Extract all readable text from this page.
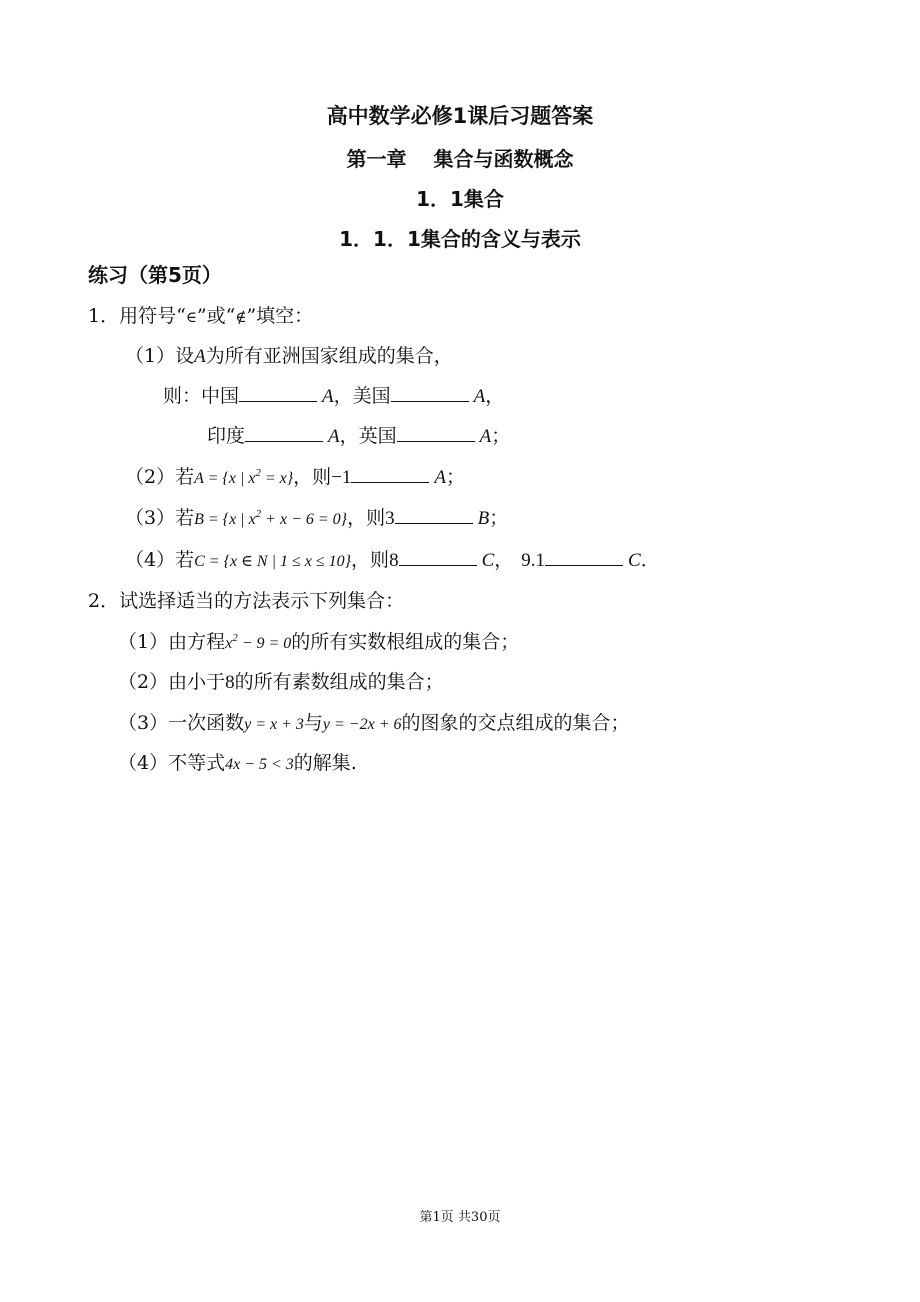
高中数学必修1课后习题答案
第一章　 集合与函数概念
1．1集合
1．1．1集合的含义与表示
练习（第5页）
1．用符号“∈”或“∉”填空：
（1）设A为所有亚洲国家组成的集合，
则：中国	A，美国	A，
印度	A，英国	A；
（2）若A = {x | $x^2 = x$}，则−1	A；
（3）若B = {x | $x^2 + x - 6 = 0$}，则3	B；
（4）若C = {x ∈ N | 1 ≤ x ≤ 10}，则8	C， 9.1	C．
2．试选择适当的方法表示下列集合：
（1）由方程$x^2 - 9 = 0$的所有实数根组成的集合；
（2）由小于8的所有素数组成的集合；
（3）一次函数y = x + 3与y = −2x + 6的图象的交点组成的集合；
（4）不等式4x − 5 < 3的解集.
第1页 共30页
